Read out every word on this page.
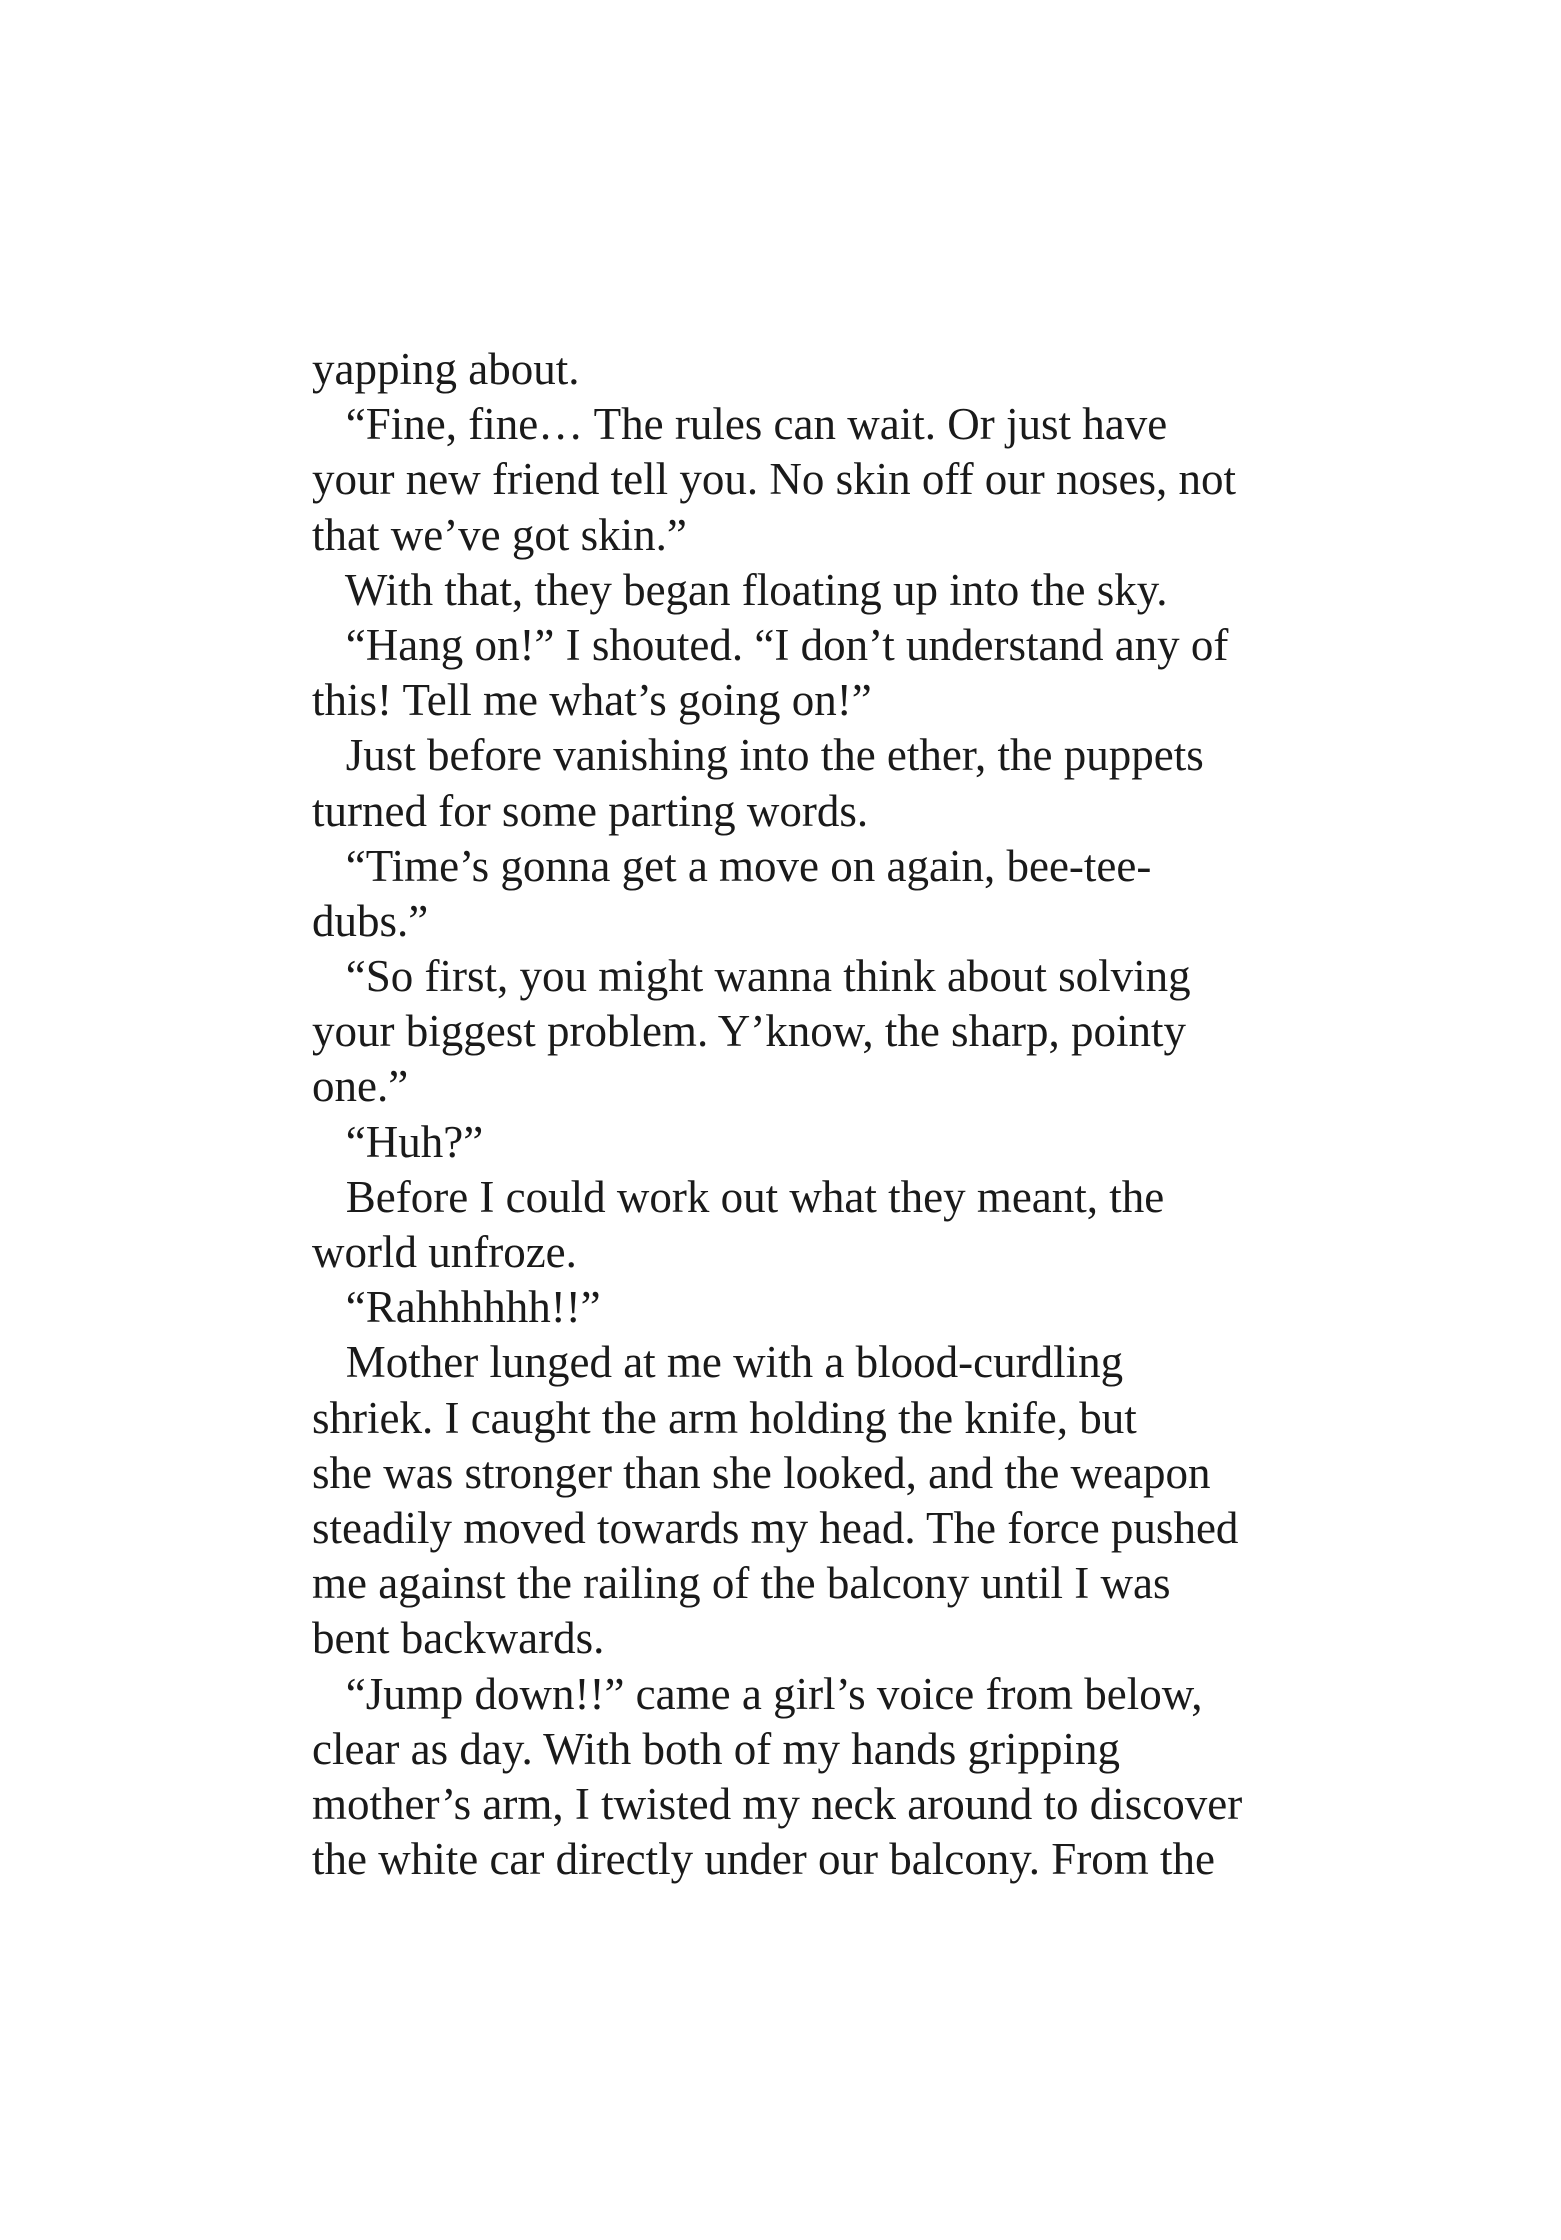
yapping about.
“Fine, fine… The rules can wait. Or just have
your new friend tell you. No skin off our noses, not
that we’ve got skin.”
With that, they began floating up into the sky.
“Hang on!” I shouted. “I don’t understand any of
this! Tell me what’s going on!”
Just before vanishing into the ether, the puppets
turned for some parting words.
“Time’s gonna get a move on again, bee-tee-
dubs.”
“So first, you might wanna think about solving
your biggest problem. Y’know, the sharp, pointy
one.”
“Huh?”
Before I could work out what they meant, the
world unfroze.
“Rahhhhhh!!”
Mother lunged at me with a blood-curdling
shriek. I caught the arm holding the knife, but
she was stronger than she looked, and the weapon
steadily moved towards my head. The force pushed
me against the railing of the balcony until I was
bent backwards.
“Jump down!!” came a girl’s voice from below,
clear as day. With both of my hands gripping
mother’s arm, I twisted my neck around to discover
the white car directly under our balcony. From the
